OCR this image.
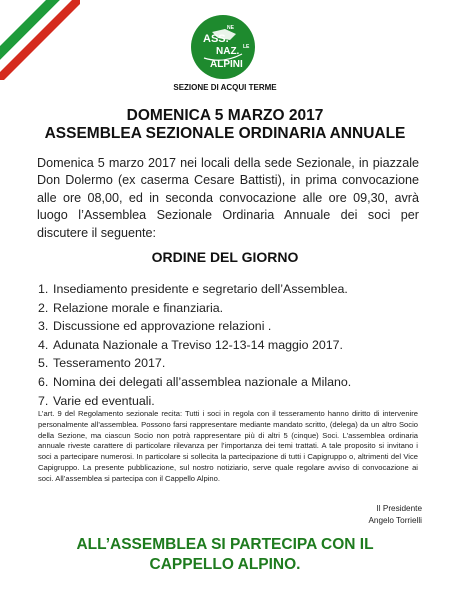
ASS.
NE
NAZ. LE
ALPINI
SEZIONE DI ACQUI TERME
DOMENICA 5 MARZO 2017
ASSEMBLEA SEZIONALE ORDINARIA ANNUALE
Domenica 5 marzo 2017 nei locali della sede Sezionale, in piazzale Don Dolermo (ex caserma Cesare Battisti), in prima convocazione alle ore 08,00, ed in seconda convocazione alle ore 09,30, avrà luogo l’Assemblea Sezionale Ordinaria Annuale dei soci per discutere il seguente:
ORDINE DEL GIORNO
1. Insediamento presidente e segretario dell’Assemblea.
2. Relazione morale e finanziaria.
3. Discussione ed approvazione relazioni .
4. Adunata Nazionale a Treviso 12-13-14 maggio 2017.
5. Tesseramento 2017.
6. Nomina dei delegati all’assemblea nazionale a Milano.
7. Varie ed eventuali.
L’art. 9 del Regolamento sezionale recita: Tutti i soci in regola con il tesseramento hanno diritto di intervenire personalmente all’assemblea. Possono farsi rappresentare mediante mandato scritto, (delega) da un altro Socio della Sezione, ma ciascun Socio non potrà rappresentare più di altri 5 (cinque) Soci. L’assemblea ordinaria annuale riveste carattere di particolare rilevanza per l’importanza dei temi trattati. A tale proposito si invitano i soci a partecipare numerosi. In particolare si sollecita la partecipazione di tutti i Capigruppo o, altrimenti del Vice Capigruppo. La presente pubblicazione, sul nostro notiziario, serve quale regolare avviso di convocazione ai soci. All’assemblea si partecipa con il Cappello Alpino.
Il Presidente
Angelo Torrielli
ALL’ASSEMBLEA SI PARTECIPA CON IL
CAPPELLO ALPINO.
